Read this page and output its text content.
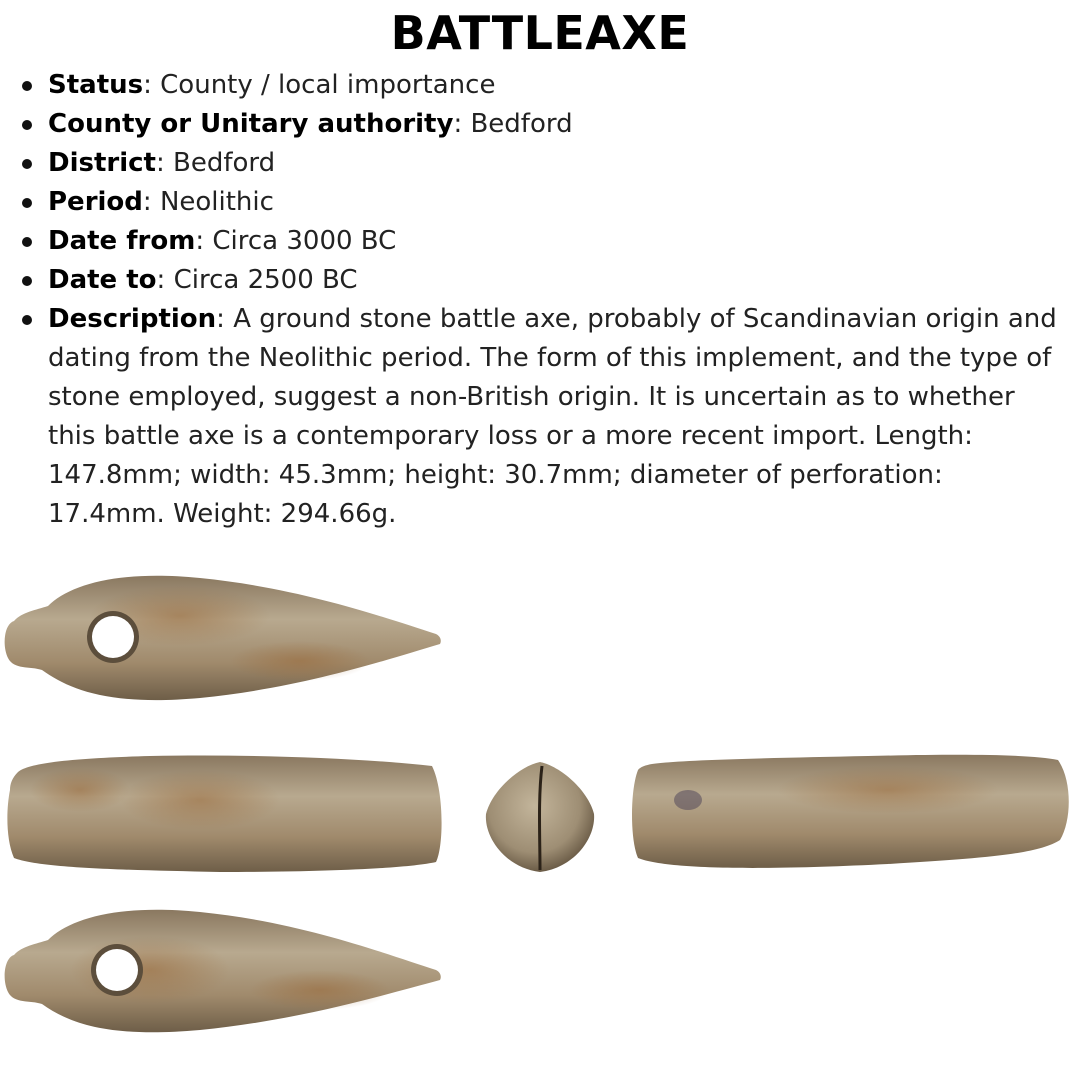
BATTLEAXE
Status: County / local importance
County or Unitary authority: Bedford
District: Bedford
Period: Neolithic
Date from: Circa 3000 BC
Date to: Circa 2500 BC
Description: A ground stone battle axe, probably of Scandinavian origin and dating from the Neolithic period. The form of this implement, and the type of stone employed, suggest a non-British origin. It is uncertain as to whether this battle axe is a contemporary loss or a more recent import. Length: 147.8mm; width: 45.3mm; height: 30.7mm; diameter of perforation: 17.4mm. Weight: 294.66g.
